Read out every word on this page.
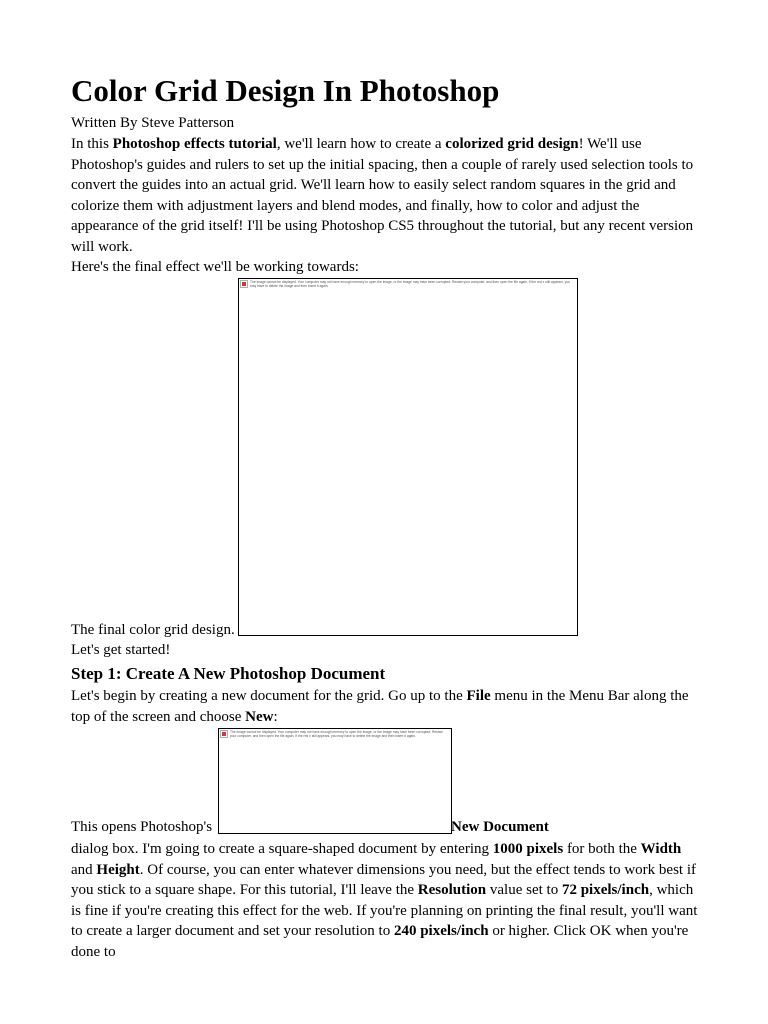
Color Grid Design In Photoshop
Written By Steve Patterson
In this Photoshop effects tutorial, we'll learn how to create a colorized grid design! We'll use Photoshop's guides and rulers to set up the initial spacing, then a couple of rarely used selection tools to convert the guides into an actual grid. We'll learn how to easily select random squares in the grid and colorize them with adjustment layers and blend modes, and finally, how to color and adjust the appearance of the grid itself! I'll be using Photoshop CS5 throughout the tutorial, but any recent version will work.
Here's the final effect we'll be working towards:
The image cannot be displayed. Your computer may not have enough memory to open the image, or the image may have been corrupted. Restart your computer, and then open the file again. If the red x still appears, you may have to delete the image and then insert it again.
The final color grid design.
Let's get started!
Step 1: Create A New Photoshop Document
Let's begin by creating a new document for the grid. Go up to the File menu in the Menu Bar along the top of the screen and choose New:
The image cannot be displayed. Your computer may not have enough memory to open the image, or the image may have been corrupted. Restart your computer, and then open the file again. If the red x still appears, you may have to delete the image and then insert it again.
This opens Photoshop's	New Document
dialog box. I'm going to create a square-shaped document by entering 1000 pixels for both the Width and Height. Of course, you can enter whatever dimensions you need, but the effect tends to work best if you stick to a square shape. For this tutorial, I'll leave the Resolution value set to 72 pixels/inch, which is fine if you're creating this effect for the web. If you're planning on printing the final result, you'll want to create a larger document and set your resolution to 240 pixels/inch or higher. Click OK when you're done to
